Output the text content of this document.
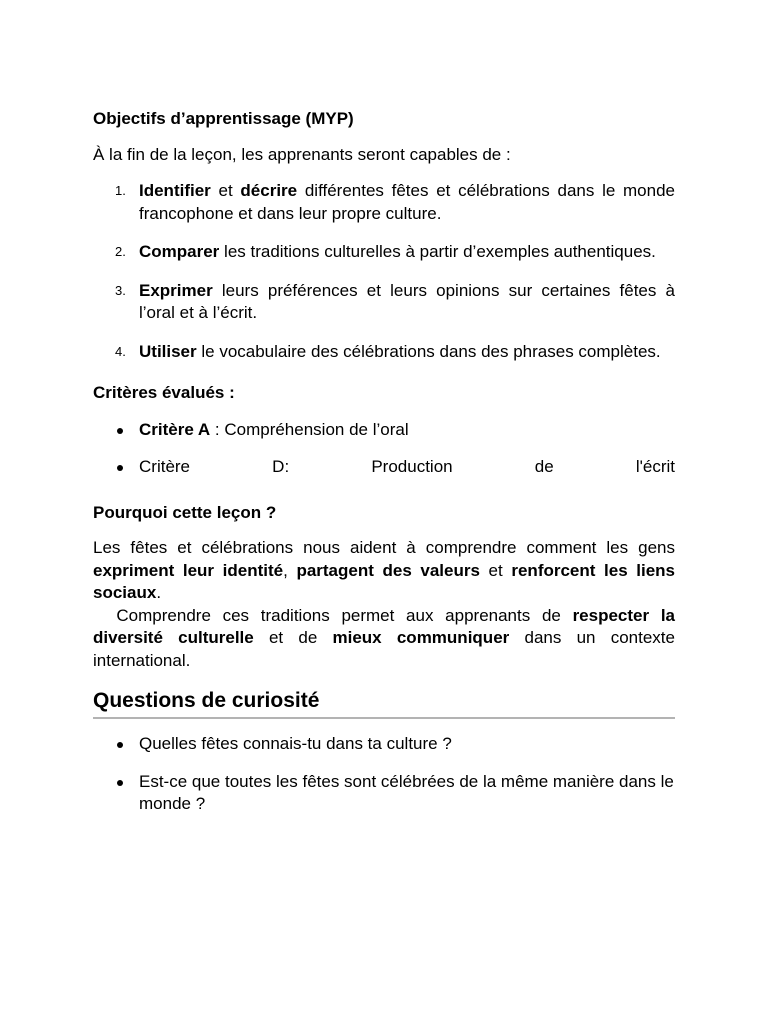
Objectifs d’apprentissage (MYP)

À la fin de la leçon, les apprenants seront capables de :

1. Identifier et décrire différentes fêtes et célébrations dans le monde francophone et dans leur propre culture.
2. Comparer les traditions culturelles à partir d’exemples authentiques.
3. Exprimer leurs préférences et leurs opinions sur certaines fêtes à l’oral et à l’écrit.
4. Utiliser le vocabulaire des célébrations dans des phrases complètes.

Critères évalués :

Critère A : Compréhension de l’oral
Critère D: Production de l'écrit

Pourquoi cette leçon ?

Les fêtes et célébrations nous aident à comprendre comment les gens expriment leur identité, partagent des valeurs et renforcent les liens sociaux.
Comprendre ces traditions permet aux apprenants de respecter la diversité culturelle et de mieux communiquer dans un contexte international.

Questions de curiosité

Quelles fêtes connais-tu dans ta culture ?
Est-ce que toutes les fêtes sont célébrées de la même manière dans le monde ?
